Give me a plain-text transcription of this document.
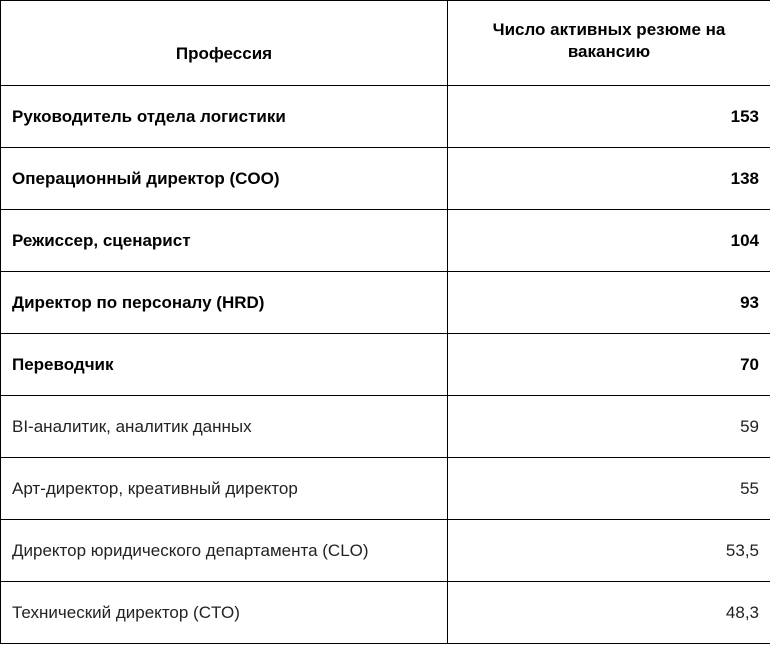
Профессия	Число активных резюме на вакансию
Руководитель отдела логистики	153
Операционный директор (COO)	138
Режиссер, сценарист	104
Директор по персоналу (HRD)	93
Переводчик	70
BI-аналитик, аналитик данных	59
Арт-директор, креативный директор	55
Директор юридического департамента (CLO)	53,5
Технический директор (CTO)	48,3
